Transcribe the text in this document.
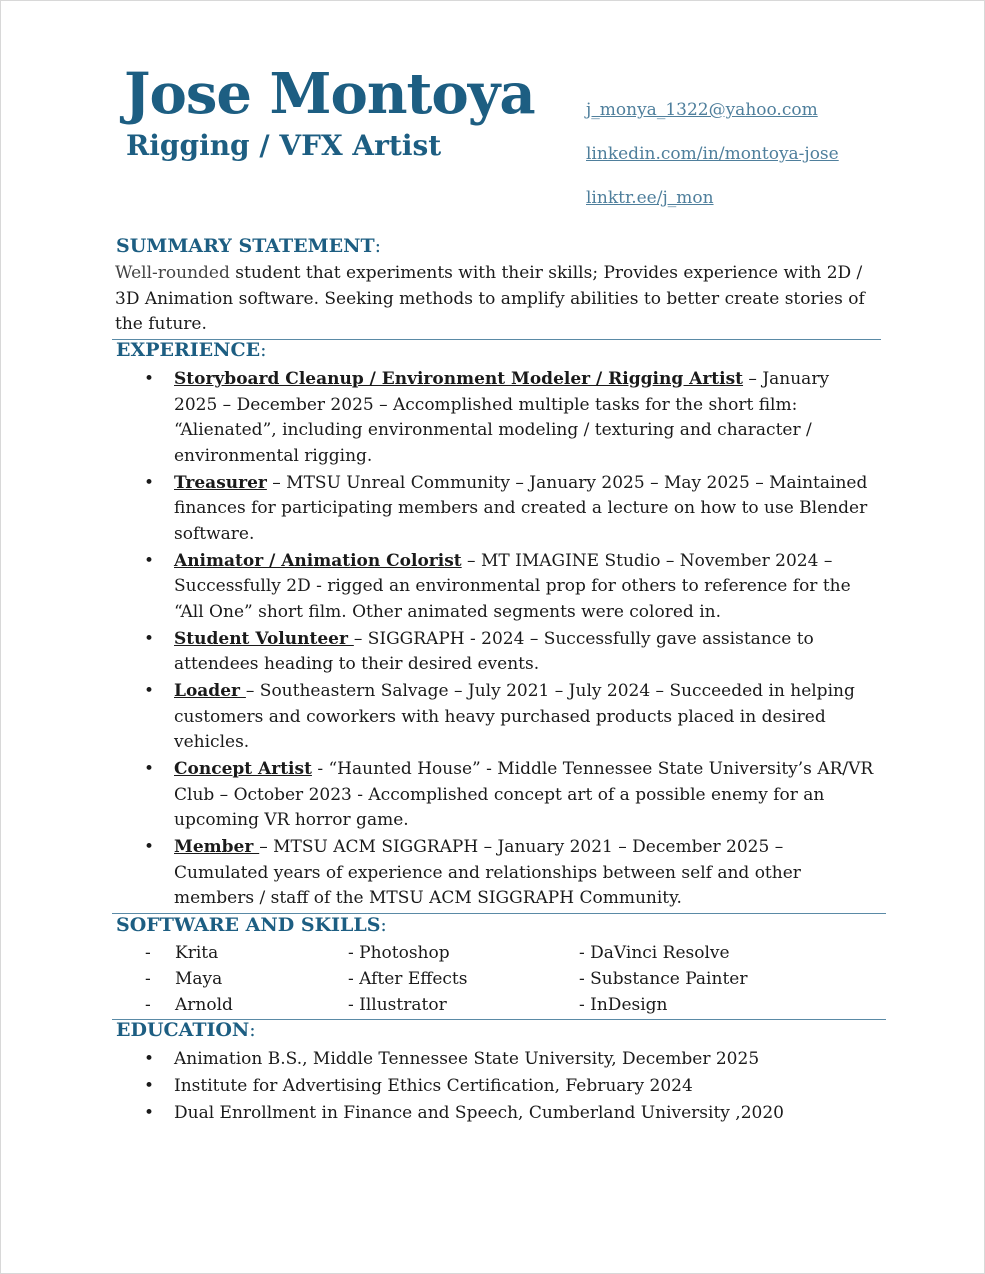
Jose Montoya
Rigging / VFX Artist
j_monya_1322@yahoo.com
linkedin.com/in/montoya-jose
linktr.ee/j_mon
SUMMARY STATEMENT:

Well-rounded student that experiments with their skills; Provides experience with 2D / 3D Animation software. Seeking methods to amplify abilities to better create stories of the future.

EXPERIENCE:
• Storyboard Cleanup / Environment Modeler / Rigging Artist – January 2025 – December 2025 – Accomplished multiple tasks for the short film: “Alienated”, including environmental modeling / texturing and character / environmental rigging.
• Treasurer – MTSU Unreal Community – January 2025 – May 2025 – Maintained finances for participating members and created a lecture on how to use Blender software.
• Animator / Animation Colorist – MT IMAGINE Studio – November 2024 – Successfully 2D - rigged an environmental prop for others to reference for the “All One” short film. Other animated segments were colored in.
• Student Volunteer – SIGGRAPH - 2024 – Successfully gave assistance to attendees heading to their desired events.
• Loader – Southeastern Salvage – July 2021 – July 2024 – Succeeded in helping customers and coworkers with heavy purchased products placed in desired vehicles.
• Concept Artist - “Haunted House” - Middle Tennessee State University’s AR/VR Club – October 2023 - Accomplished concept art of a possible enemy for an upcoming VR horror game.
• Member – MTSU ACM SIGGRAPH – January 2021 – December 2025 – Cumulated years of experience and relationships between self and other members / staff of the MTSU ACM SIGGRAPH Community.
SOFTWARE AND SKILLS:
- Krita	- Photoshop	- DaVinci Resolve
- Maya	- After Effects	- Substance Painter
- Arnold	- Illustrator	- InDesign
EDUCATION:
• Animation B.S., Middle Tennessee State University, December 2025
• Institute for Advertising Ethics Certification, February 2024
• Dual Enrollment in Finance and Speech, Cumberland University ,2020
